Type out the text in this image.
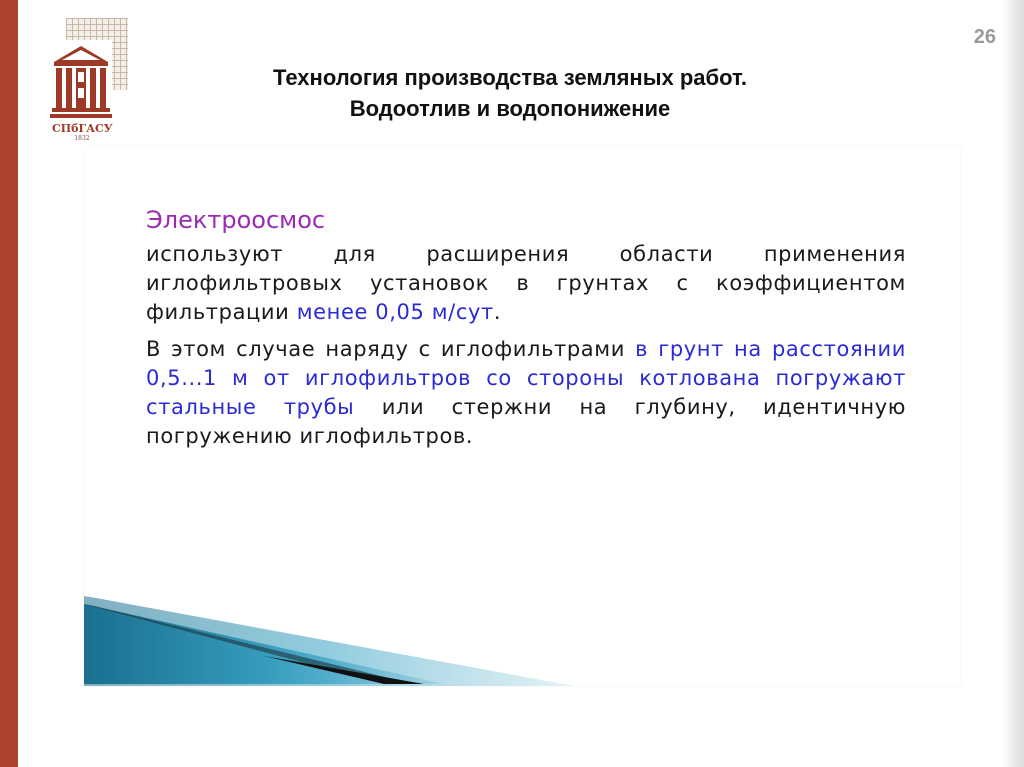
СПбГАСУ
1832
26
Технология производства земляных работ.
Водоотлив и водопонижение
Электроосмос

используют для расширения области применения иглофильтровых установок в грунтах с коэффициентом фильтрации менее 0,05 м/сут.

В этом случае наряду с иглофильтрами в грунт на расстоянии 0,5...1 м от иглофильтров со стороны котлована погружают стальные трубы или стержни на глубину, идентичную погружению иглофильтров.
